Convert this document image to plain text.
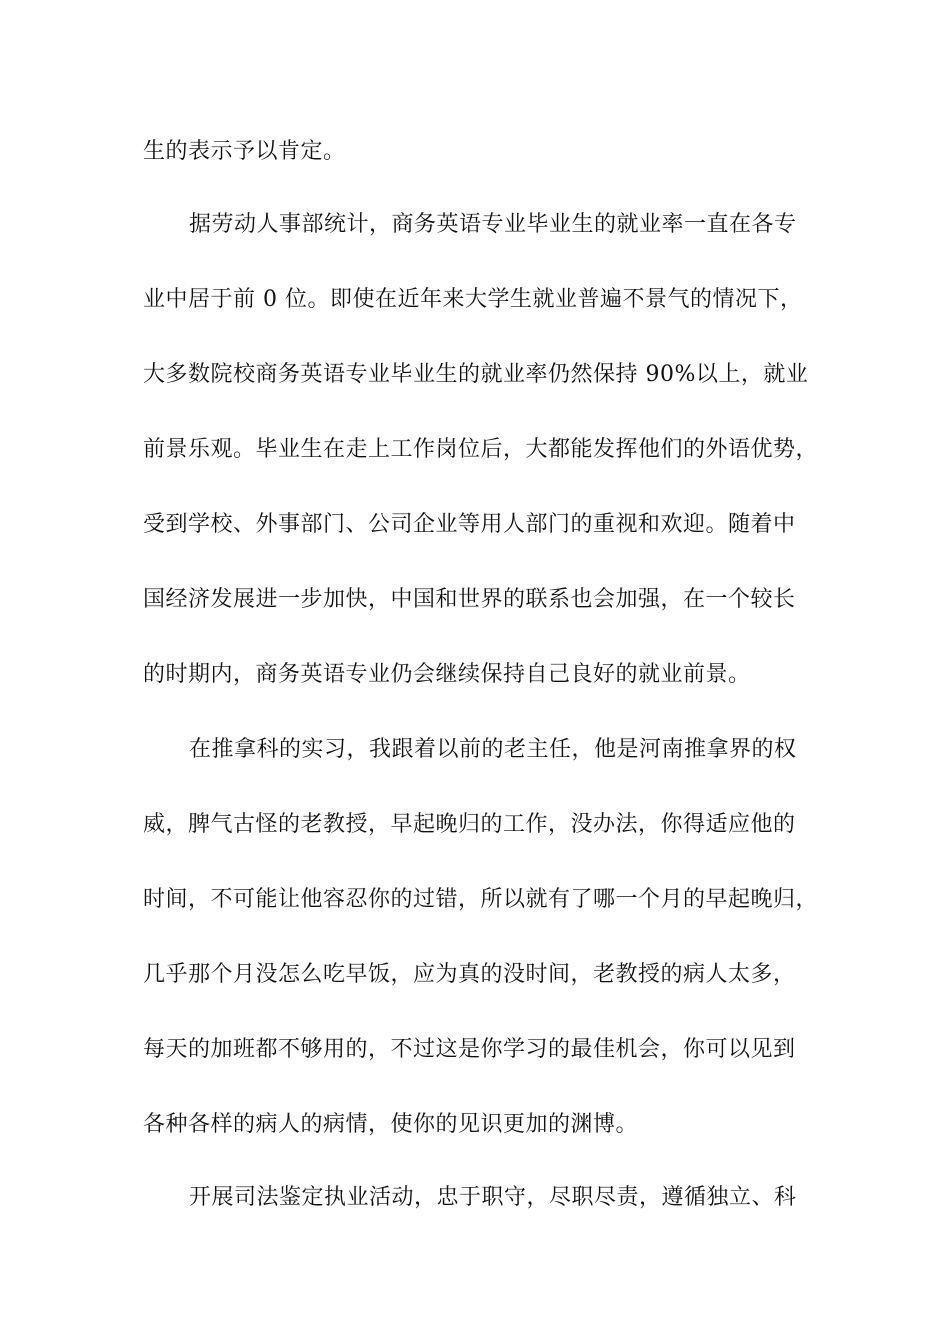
生的表示予以肯定。
据劳动人事部统计，商务英语专业毕业生的就业率一直在各专
业中居于前 0 位。即使在近年来大学生就业普遍不景气的情况下，
大多数院校商务英语专业毕业生的就业率仍然保持 90%以上，就业
前景乐观。毕业生在走上工作岗位后，大都能发挥他们的外语优势，
受到学校、外事部门、公司企业等用人部门的重视和欢迎。随着中
国经济发展进一步加快，中国和世界的联系也会加强，在一个较长
的时期内，商务英语专业仍会继续保持自己良好的就业前景。
在推拿科的实习，我跟着以前的老主任，他是河南推拿界的权
威，脾气古怪的老教授，早起晚归的工作，没办法，你得适应他的
时间，不可能让他容忍你的过错，所以就有了哪一个月的早起晚归，
几乎那个月没怎么吃早饭，应为真的没时间，老教授的病人太多，
每天的加班都不够用的，不过这是你学习的最佳机会，你可以见到
各种各样的病人的病情，使你的见识更加的渊博。
开展司法鉴定执业活动，忠于职守，尽职尽责，遵循独立、科
